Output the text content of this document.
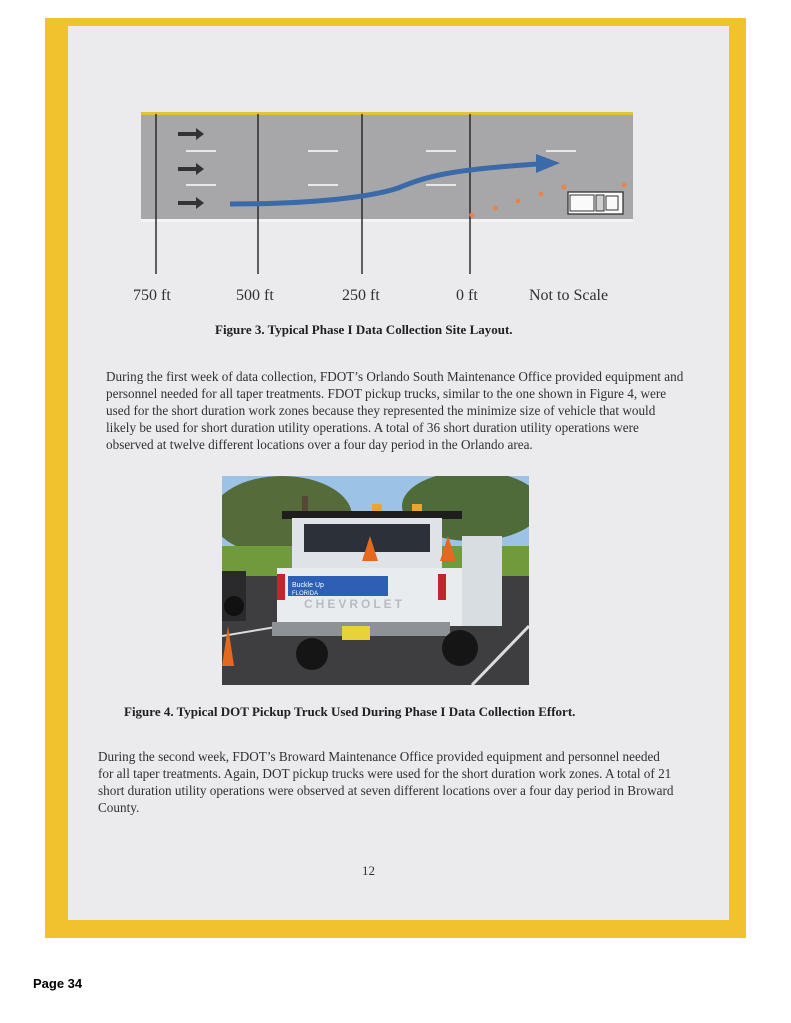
750 ft	500 ft	250 ft	0 ft	Not to Scale
Figure 3. Typical Phase I Data Collection Site Layout.

During the first week of data collection, FDOT’s Orlando South Maintenance Office provided equipment and personnel needed for all taper treatments. FDOT pickup trucks, similar to the one shown in Figure 4, were used for the short duration work zones because they represented the minimize size of vehicle that would likely be used for short duration utility operations. A total of 36 short duration utility operations were observed at twelve different locations over a four day period in the Orlando area.

Buckle Up
FLORIDA
CHEVROLET
Figure 4. Typical DOT Pickup Truck Used During Phase I Data Collection Effort.

During the second week, FDOT’s Broward Maintenance Office provided equipment and personnel needed for all taper treatments. Again, DOT pickup trucks were used for the short duration work zones. A total of 21 short duration utility operations were observed at seven different locations over a four day period in Broward County.

12
Page 34
